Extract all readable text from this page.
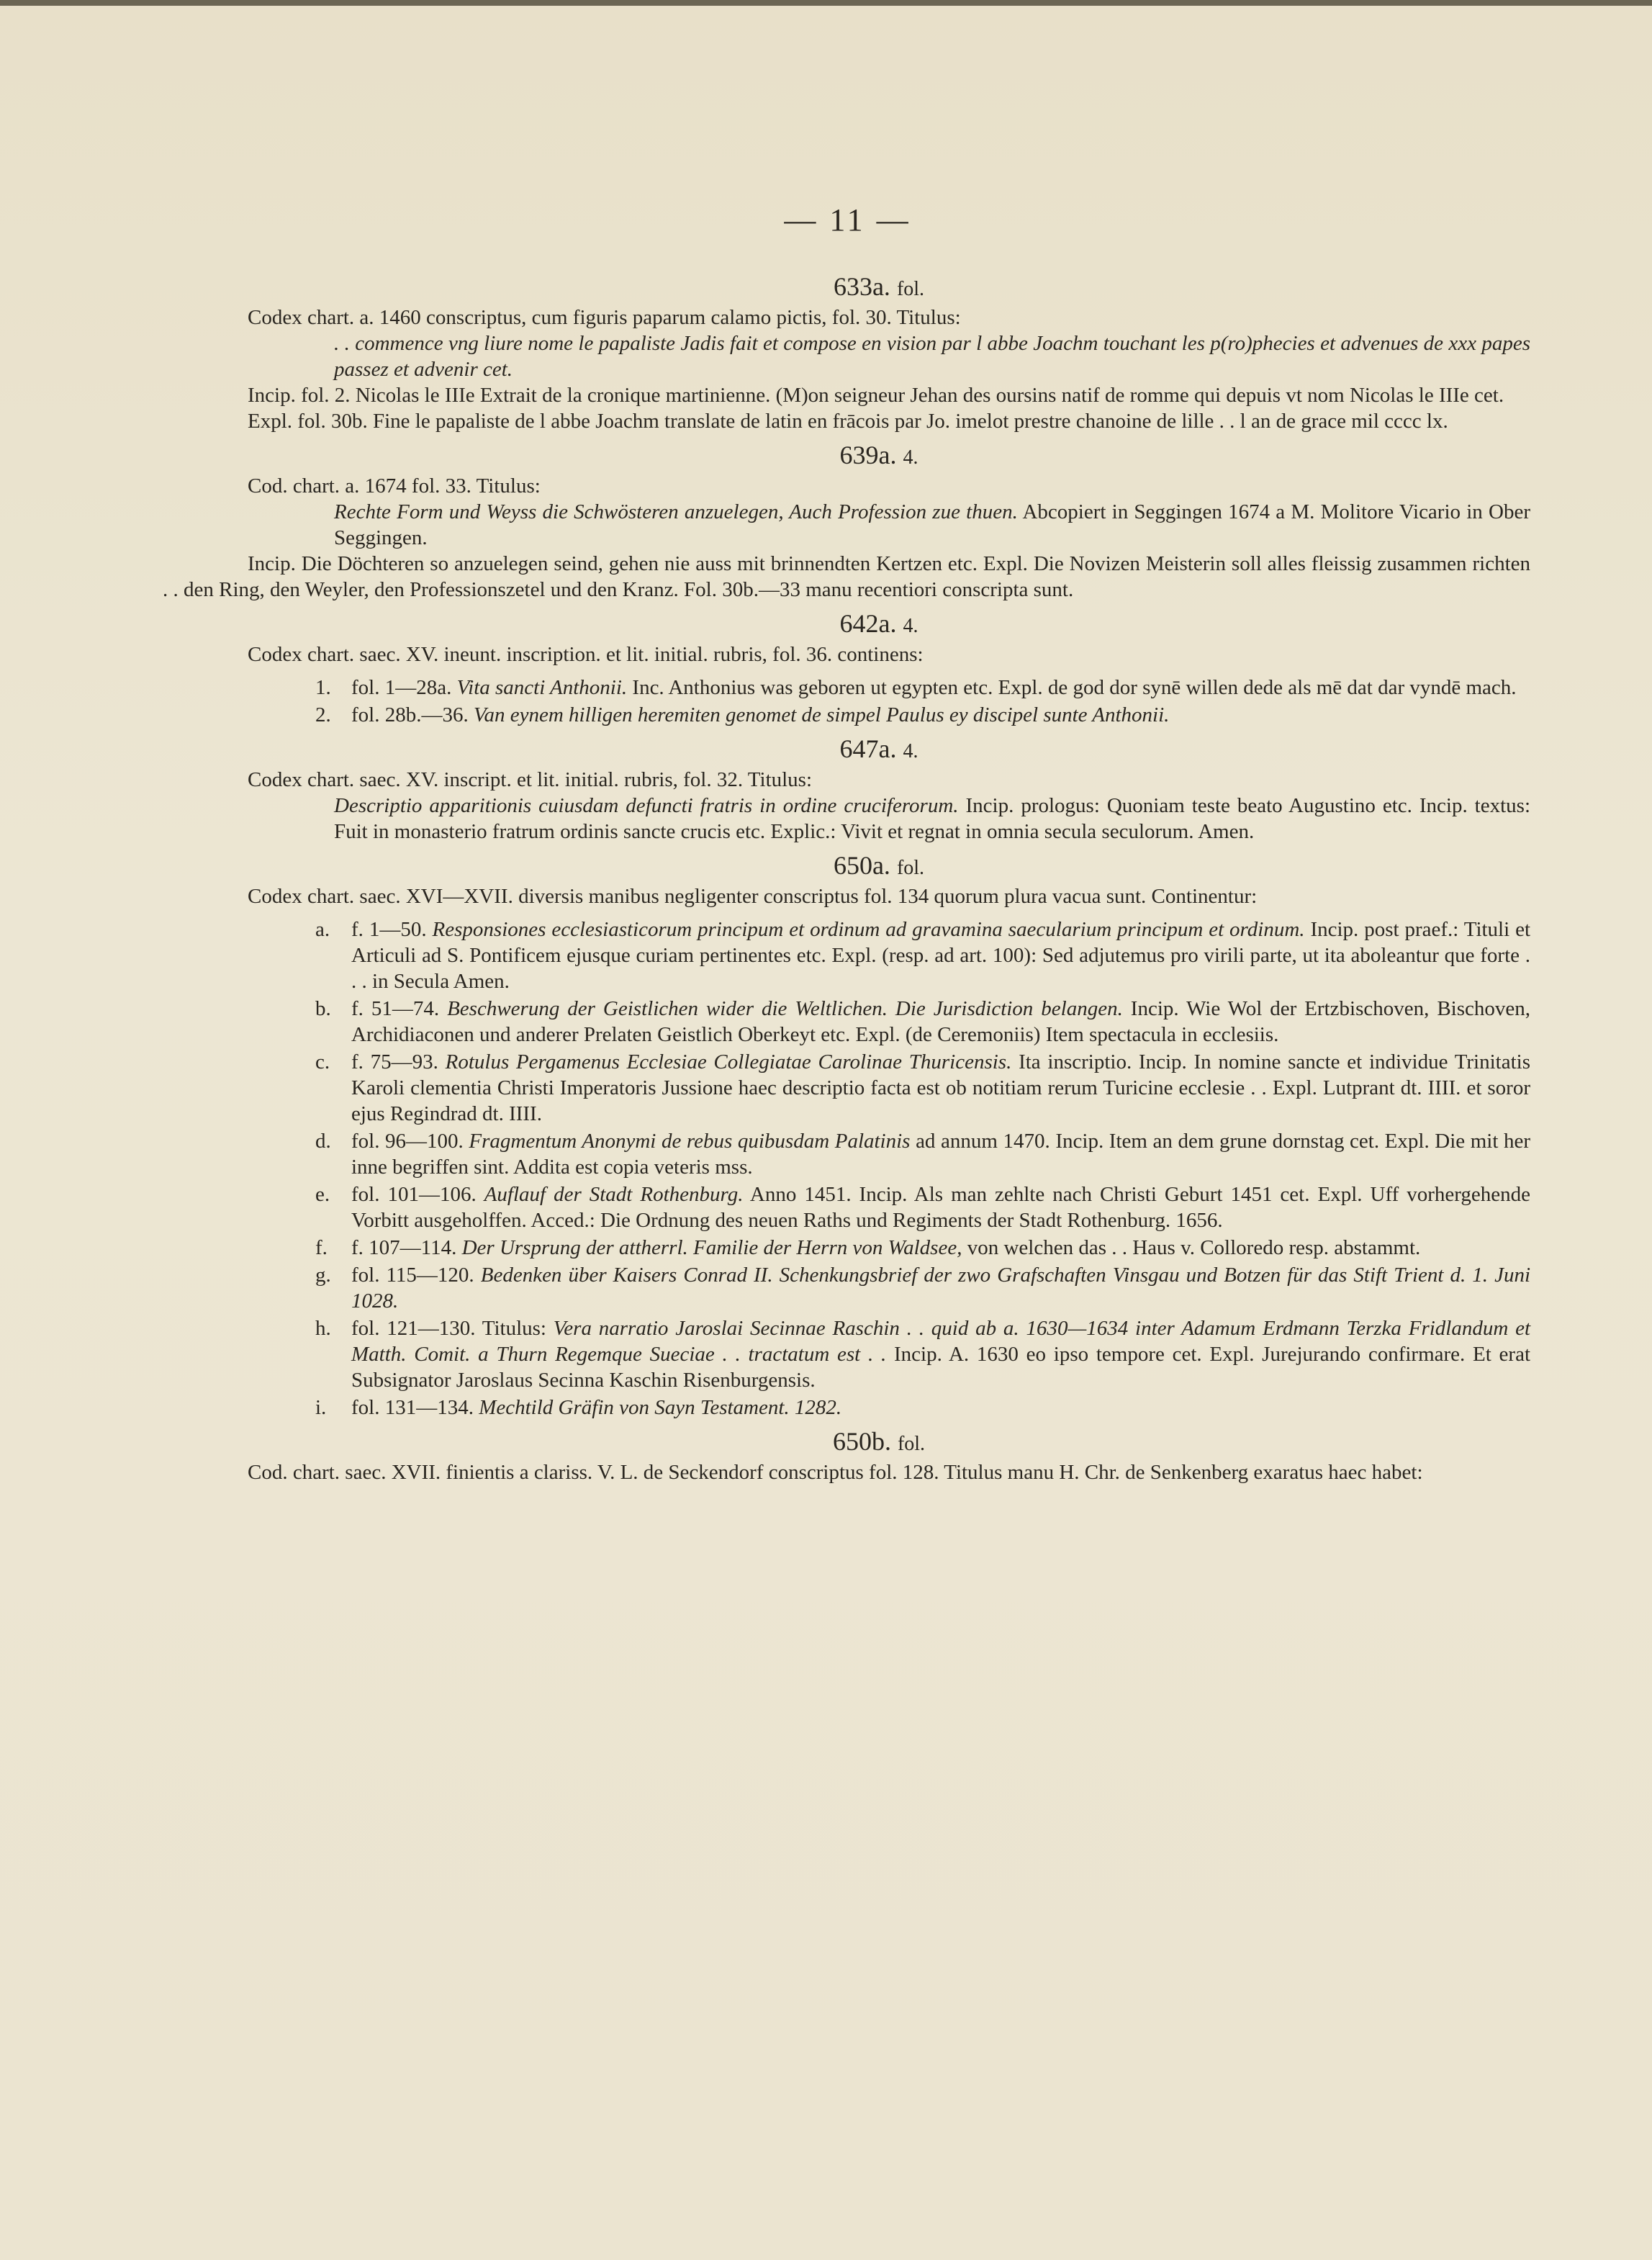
— 11 —
633a. fol.

Codex chart. a. 1460 conscriptus, cum figuris paparum calamo pictis, fol. 30. Titulus:

. . commence vng liure nome le papaliste Jadis fait et compose en vision par l abbe Joachm touchant les p(ro)phecies et advenues de xxx papes passez et advenir cet.

Incip. fol. 2. Nicolas le IIIe Extrait de la cronique martinienne. (M)on seigneur Jehan des oursins natif de romme qui depuis vt nom Nicolas le IIIe cet.

Expl. fol. 30b. Fine le papaliste de l abbe Joachm translate de latin en frācois par Jo. imelot prestre chanoine de lille . . l an de grace mil cccc lx.

639a. 4.

Cod. chart. a. 1674 fol. 33. Titulus:

Rechte Form und Weyss die Schwösteren anzuelegen, Auch Profession zue thuen. Abcopiert in Seggingen 1674 a M. Molitore Vicario in Ober Seggingen.

Incip. Die Döchteren so anzuelegen seind, gehen nie auss mit brinnendten Kertzen etc. Expl. Die Novizen Meisterin soll alles fleissig zusammen richten . . den Ring, den Weyler, den Professionszetel und den Kranz. Fol. 30b.—33 manu recentiori conscripta sunt.

642a. 4.

Codex chart. saec. XV. ineunt. inscription. et lit. initial. rubris, fol. 36. continens:

1. fol. 1—28a. Vita sancti Anthonii. Inc. Anthonius was geboren ut egypten etc. Expl. de god dor synē willen dede als mē dat dar vyndē mach.
2. fol. 28b.—36. Van eynem hilligen heremiten genomet de simpel Paulus ey discipel sunte Anthonii.
647a. 4.

Codex chart. saec. XV. inscript. et lit. initial. rubris, fol. 32. Titulus:

Descriptio apparitionis cuiusdam defuncti fratris in ordine cruciferorum. Incip. prologus: Quoniam teste beato Augustino etc. Incip. textus: Fuit in monasterio fratrum ordinis sancte crucis etc. Explic.: Vivit et regnat in omnia secula seculorum. Amen.

650a. fol.

Codex chart. saec. XVI—XVII. diversis manibus negligenter conscriptus fol. 134 quorum plura vacua sunt. Continentur:

a. f. 1—50. Responsiones ecclesiasticorum principum et ordinum ad gravamina saecularium principum et ordinum. Incip. post praef.: Tituli et Articuli ad S. Pontificem ejusque curiam pertinentes etc. Expl. (resp. ad art. 100): Sed adjutemus pro virili parte, ut ita aboleantur que forte . . . in Secula Amen.
b. f. 51—74. Beschwerung der Geistlichen wider die Weltlichen. Die Jurisdiction belangen. Incip. Wie Wol der Ertzbischoven, Bischoven, Archidiaconen und anderer Prelaten Geistlich Oberkeyt etc. Expl. (de Ceremoniis) Item spectacula in ecclesiis.
c. f. 75—93. Rotulus Pergamenus Ecclesiae Collegiatae Carolinae Thuricensis. Ita inscriptio. Incip. In nomine sancte et individue Trinitatis Karoli clementia Christi Imperatoris Jussione haec descriptio facta est ob notitiam rerum Turicine ecclesie . . Expl. Lutprant dt. IIII. et soror ejus Regindrad dt. IIII.
d. fol. 96—100. Fragmentum Anonymi de rebus quibusdam Palatinis ad annum 1470. Incip. Item an dem grune dornstag cet. Expl. Die mit her inne begriffen sint. Addita est copia veteris mss.
e. fol. 101—106. Auflauf der Stadt Rothenburg. Anno 1451. Incip. Als man zehlte nach Christi Geburt 1451 cet. Expl. Uff vorhergehende Vorbitt ausgeholffen. Acced.: Die Ordnung des neuen Raths und Regiments der Stadt Rothenburg. 1656.
f. f. 107—114. Der Ursprung der attherrl. Familie der Herrn von Waldsee, von welchen das . . Haus v. Colloredo resp. abstammt.
g. fol. 115—120. Bedenken über Kaisers Conrad II. Schenkungsbrief der zwo Grafschaften Vinsgau und Botzen für das Stift Trient d. 1. Juni 1028.
h. fol. 121—130. Titulus: Vera narratio Jaroslai Secinnae Raschin . . quid ab a. 1630—1634 inter Adamum Erdmann Terzka Fridlandum et Matth. Comit. a Thurn Regemque Sueciae . . tractatum est . . Incip. A. 1630 eo ipso tempore cet. Expl. Jurejurando confirmare. Et erat Subsignator Jaroslaus Secinna Kaschin Risenburgensis.
i. fol. 131—134. Mechtild Gräfin von Sayn Testament. 1282.
650b. fol.

Cod. chart. saec. XVII. finientis a clariss. V. L. de Seckendorf conscriptus fol. 128. Titulus manu H. Chr. de Senkenberg exaratus haec habet:
